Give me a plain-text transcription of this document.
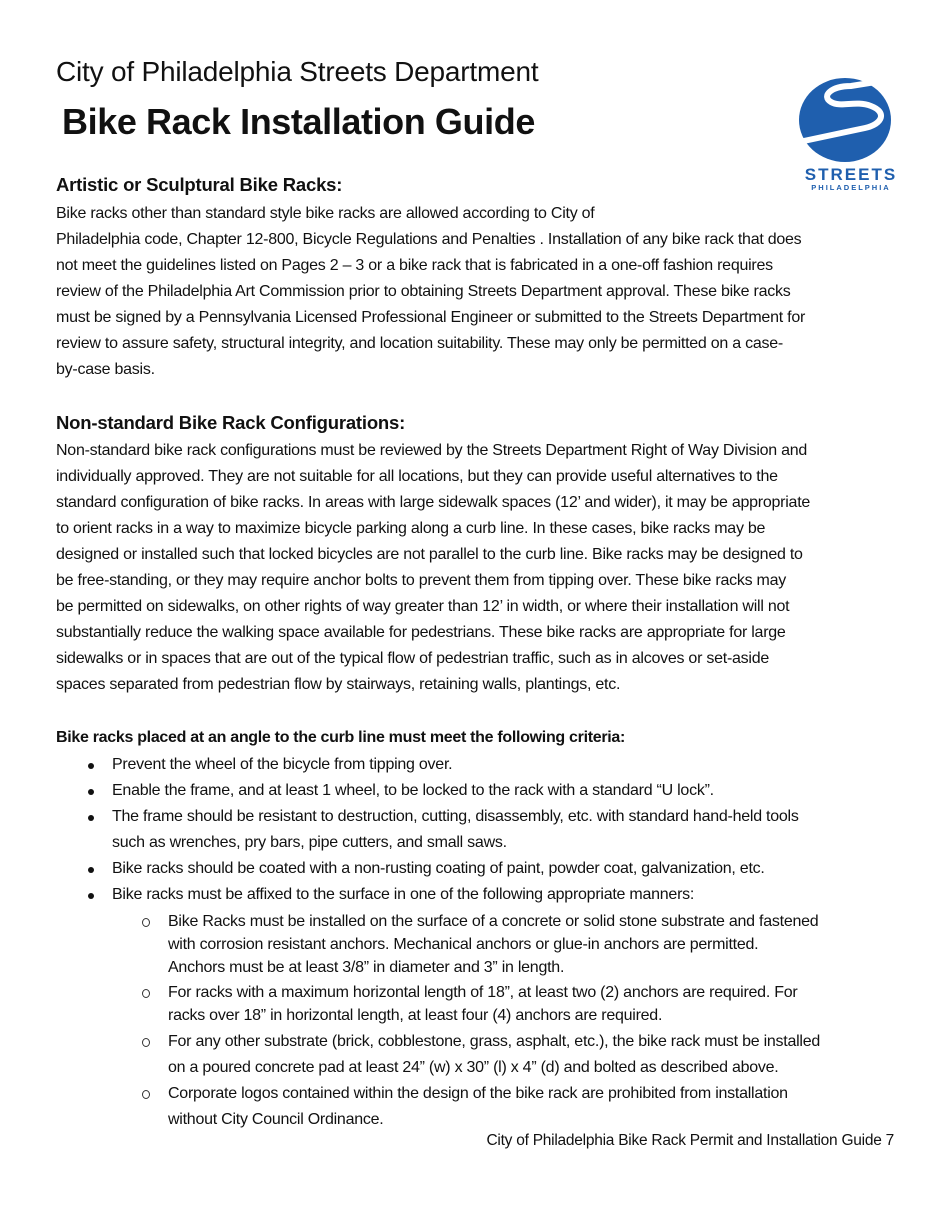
City of Philadelphia Streets Department
Bike Rack Installation Guide
STREETS
PHILADELPHIA
Artistic or Sculptural Bike Racks:
Bike racks other than standard style bike racks are allowed according to City of
Philadelphia code, Chapter 12-800, Bicycle Regulations and Penalties . Installation of any bike rack that does
not meet the guidelines listed on Pages 2 – 3 or a bike rack that is fabricated in a one-off fashion requires
review of the Philadelphia Art Commission prior to obtaining Streets Department approval. These bike racks
must be signed by a Pennsylvania Licensed Professional Engineer or submitted to the Streets Department for
review to assure safety, structural integrity, and location suitability. These may only be permitted on a case-
by-case basis.
Non-standard Bike Rack Configurations:
Non-standard bike rack configurations must be reviewed by the Streets Department Right of Way Division and
individually approved. They are not suitable for all locations, but they can provide useful alternatives to the
standard configuration of bike racks. In areas with large sidewalk spaces (12’ and wider), it may be appropriate
to orient racks in a way to maximize bicycle parking along a curb line. In these cases, bike racks may be
designed or installed such that locked bicycles are not parallel to the curb line. Bike racks may be designed to
be free-standing, or they may require anchor bolts to prevent them from tipping over. These bike racks may
be permitted on sidewalks, on other rights of way greater than 12’ in width, or where their installation will not
substantially reduce the walking space available for pedestrians. These bike racks are appropriate for large
sidewalks or in spaces that are out of the typical flow of pedestrian traffic, such as in alcoves or set-aside
spaces separated from pedestrian flow by stairways, retaining walls, plantings, etc.
Bike racks placed at an angle to the curb line must meet the following criteria:
Prevent the wheel of the bicycle from tipping over.
Enable the frame, and at least 1 wheel, to be locked to the rack with a standard “U lock”.
The frame should be resistant to destruction, cutting, disassembly, etc. with standard hand-held tools
such as wrenches, pry bars, pipe cutters, and small saws.
Bike racks should be coated with a non-rusting coating of paint, powder coat, galvanization, etc.
Bike racks must be affixed to the surface in one of the following appropriate manners:
Bike Racks must be installed on the surface of a concrete or solid stone substrate and fastened
with corrosion resistant anchors. Mechanical anchors or glue-in anchors are permitted.
Anchors must be at least 3/8” in diameter and 3” in length.
For racks with a maximum horizontal length of 18”, at least two (2) anchors are required. For
racks over 18” in horizontal length, at least four (4) anchors are required.
For any other substrate (brick, cobblestone, grass, asphalt, etc.), the bike rack must be installed
on a poured concrete pad at least 24” (w) x 30” (l) x 4” (d) and bolted as described above.
Corporate logos contained within the design of the bike rack are prohibited from installation
without City Council Ordinance.
City of Philadelphia Bike Rack Permit and Installation Guide 7
